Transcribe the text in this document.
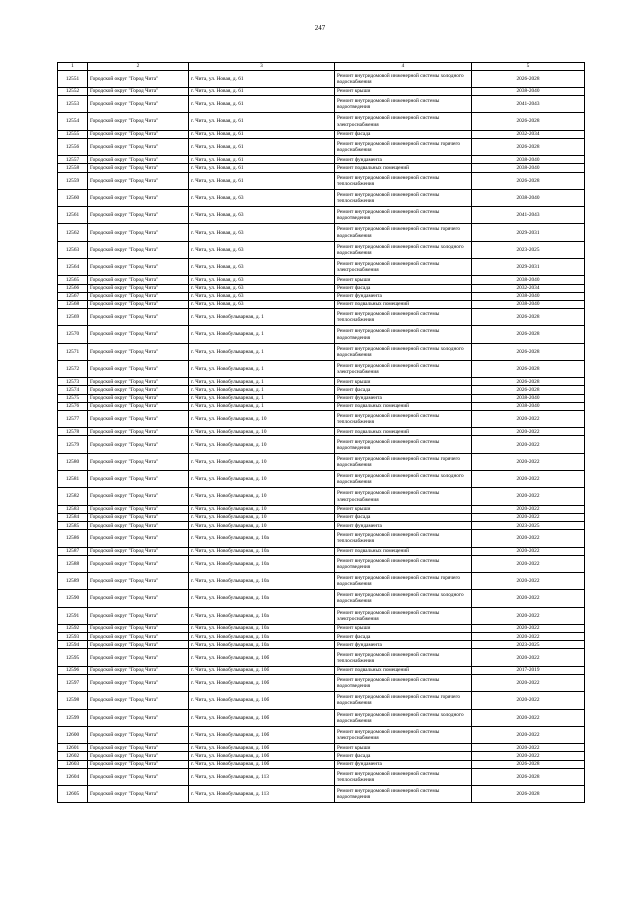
247
1	2	3	4	5
12551	Городской округ "Город Чита"	г. Чита, ул. Новая, д. 61	Ремонт внутридомовой инженерной системы холодного водоснабжения	2026-2028
12552	Городской округ "Город Чита"	г. Чита, ул. Новая, д. 61	Ремонт крыши	2038-2040
12553	Городской округ "Город Чита"	г. Чита, ул. Новая, д. 61	Ремонт внутридомовой инженерной системы водоотведения	2041-2043
12554	Городской округ "Город Чита"	г. Чита, ул. Новая, д. 61	Ремонт внутридомовой инженерной системы электроснабжения	2026-2028
12555	Городской округ "Город Чита"	г. Чита, ул. Новая, д. 61	Ремонт фасада	2032-2034
12556	Городской округ "Город Чита"	г. Чита, ул. Новая, д. 61	Ремонт внутридомовой инженерной системы горячего водоснабжения	2026-2028
12557	Городской округ "Город Чита"	г. Чита, ул. Новая, д. 61	Ремонт фундамента	2038-2040
12558	Городской округ "Город Чита"	г. Чита, ул. Новая, д. 61	Ремонт подвальных помещений	2038-2040
12559	Городской округ "Город Чита"	г. Чита, ул. Новая, д. 61	Ремонт внутридомовой инженерной системы теплоснабжения	2026-2028
12560	Городской округ "Город Чита"	г. Чита, ул. Новая, д. 63	Ремонт внутридомовой инженерной системы теплоснабжения	2038-2040
12561	Городской округ "Город Чита"	г. Чита, ул. Новая, д. 63	Ремонт внутридомовой инженерной системы водоотведения	2041-2043
12562	Городской округ "Город Чита"	г. Чита, ул. Новая, д. 63	Ремонт внутридомовой инженерной системы горячего водоснабжения	2029-2031
12563	Городской округ "Город Чита"	г. Чита, ул. Новая, д. 63	Ремонт внутридомовой инженерной системы холодного водоснабжения	2023-2025
12564	Городской округ "Город Чита"	г. Чита, ул. Новая, д. 63	Ремонт внутридомовой инженерной системы электроснабжения	2029-2031
12565	Городской округ "Город Чита"	г. Чита, ул. Новая, д. 63	Ремонт крыши	2038-2040
12566	Городской округ "Город Чита"	г. Чита, ул. Новая, д. 63	Ремонт фасада	2032-2034
12567	Городской округ "Город Чита"	г. Чита, ул. Новая, д. 63	Ремонт фундамента	2038-2040
12568	Городской округ "Город Чита"	г. Чита, ул. Новая, д. 63	Ремонт подвальных помещений	2038-2040
12569	Городской округ "Город Чита"	г. Чита, ул. Новобульварная, д. 1	Ремонт внутридомовой инженерной системы теплоснабжения	2026-2028
12570	Городской округ "Город Чита"	г. Чита, ул. Новобульварная, д. 1	Ремонт внутридомовой инженерной системы водоотведения	2026-2028
12571	Городской округ "Город Чита"	г. Чита, ул. Новобульварная, д. 1	Ремонт внутридомовой инженерной системы холодного водоснабжения	2026-2028
12572	Городской округ "Город Чита"	г. Чита, ул. Новобульварная, д. 1	Ремонт внутридомовой инженерной системы электроснабжения	2026-2028
12573	Городской округ "Город Чита"	г. Чита, ул. Новобульварная, д. 1	Ремонт крыши	2026-2028
12574	Городской округ "Город Чита"	г. Чита, ул. Новобульварная, д. 1	Ремонт фасада	2026-2028
12575	Городской округ "Город Чита"	г. Чита, ул. Новобульварная, д. 1	Ремонт фундамента	2038-2040
12576	Городской округ "Город Чита"	г. Чита, ул. Новобульварная, д. 1	Ремонт подвальных помещений	2038-2040
12577	Городской округ "Город Чита"	г. Чита, ул. Новобульварная, д. 10	Ремонт внутридомовой инженерной системы теплоснабжения	2020-2022
12578	Городской округ "Город Чита"	г. Чита, ул. Новобульварная, д. 10	Ремонт подвальных помещений	2020-2022
12579	Городской округ "Город Чита"	г. Чита, ул. Новобульварная, д. 10	Ремонт внутридомовой инженерной системы водоотведения	2020-2022
12580	Городской округ "Город Чита"	г. Чита, ул. Новобульварная, д. 10	Ремонт внутридомовой инженерной системы горячего водоснабжения	2020-2022
12581	Городской округ "Город Чита"	г. Чита, ул. Новобульварная, д. 10	Ремонт внутридомовой инженерной системы холодного водоснабжения	2020-2022
12582	Городской округ "Город Чита"	г. Чита, ул. Новобульварная, д. 10	Ремонт внутридомовой инженерной системы электроснабжения	2020-2022
12583	Городской округ "Город Чита"	г. Чита, ул. Новобульварная, д. 10	Ремонт крыши	2020-2022
12584	Городской округ "Город Чита"	г. Чита, ул. Новобульварная, д. 10	Ремонт фасада	2020-2022
12585	Городской округ "Город Чита"	г. Чита, ул. Новобульварная, д. 10	Ремонт фундамента	2023-2025
12586	Городской округ "Город Чита"	г. Чита, ул. Новобульварная, д. 10а	Ремонт внутридомовой инженерной системы теплоснабжения	2020-2022
12587	Городской округ "Город Чита"	г. Чита, ул. Новобульварная, д. 10а	Ремонт подвальных помещений	2020-2022
12588	Городской округ "Город Чита"	г. Чита, ул. Новобульварная, д. 10а	Ремонт внутридомовой инженерной системы водоотведения	2020-2022
12589	Городской округ "Город Чита"	г. Чита, ул. Новобульварная, д. 10а	Ремонт внутридомовой инженерной системы горячего водоснабжения	2020-2022
12590	Городской округ "Город Чита"	г. Чита, ул. Новобульварная, д. 10а	Ремонт внутридомовой инженерной системы холодного водоснабжения	2020-2022
12591	Городской округ "Город Чита"	г. Чита, ул. Новобульварная, д. 10а	Ремонт внутридомовой инженерной системы электроснабжения	2020-2022
12592	Городской округ "Город Чита"	г. Чита, ул. Новобульварная, д. 10а	Ремонт крыши	2020-2022
12593	Городской округ "Город Чита"	г. Чита, ул. Новобульварная, д. 10а	Ремонт фасада	2020-2022
12594	Городской округ "Город Чита"	г. Чита, ул. Новобульварная, д. 10а	Ремонт фундамента	2023-2025
12595	Городской округ "Город Чита"	г. Чита, ул. Новобульварная, д. 10б	Ремонт внутридомовой инженерной системы теплоснабжения	2020-2022
12596	Городской округ "Город Чита"	г. Чита, ул. Новобульварная, д. 10б	Ремонт подвальных помещений	2017-2019
12597	Городской округ "Город Чита"	г. Чита, ул. Новобульварная, д. 10б	Ремонт внутридомовой инженерной системы водоотведения	2020-2022
12598	Городской округ "Город Чита"	г. Чита, ул. Новобульварная, д. 10б	Ремонт внутридомовой инженерной системы горячего водоснабжения	2020-2022
12599	Городской округ "Город Чита"	г. Чита, ул. Новобульварная, д. 10б	Ремонт внутридомовой инженерной системы холодного водоснабжения	2020-2022
12600	Городской округ "Город Чита"	г. Чита, ул. Новобульварная, д. 10б	Ремонт внутридомовой инженерной системы электроснабжения	2020-2022
12601	Городской округ "Город Чита"	г. Чита, ул. Новобульварная, д. 10б	Ремонт крыши	2020-2022
12602	Городской округ "Город Чита"	г. Чита, ул. Новобульварная, д. 10б	Ремонт фасада	2020-2022
12603	Городской округ "Город Чита"	г. Чита, ул. Новобульварная, д. 10б	Ремонт фундамента	2026-2028
12604	Городской округ "Город Чита"	г. Чита, ул. Новобульварная, д. 113	Ремонт внутридомовой инженерной системы теплоснабжения	2026-2028
12605	Городской округ "Город Чита"	г. Чита, ул. Новобульварная, д. 113	Ремонт внутридомовой инженерной системы водоотведения	2026-2028
